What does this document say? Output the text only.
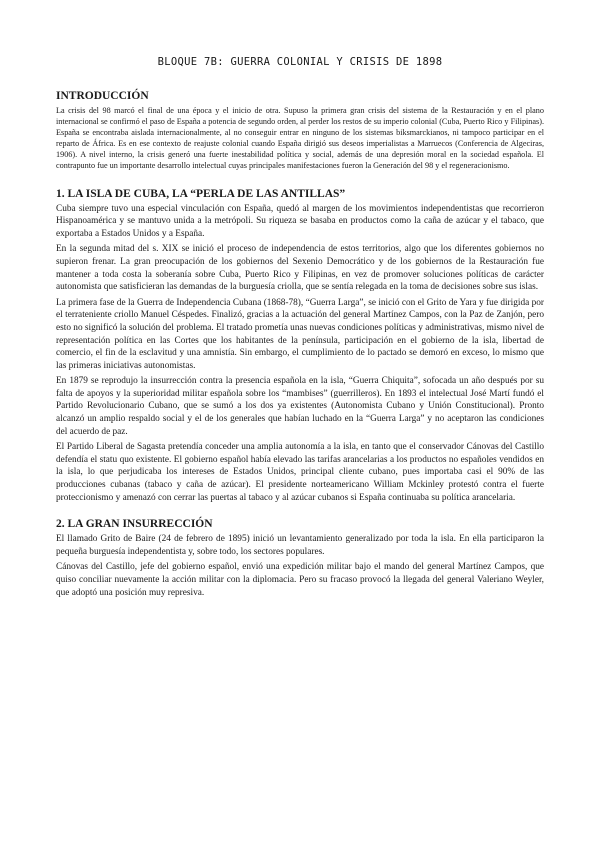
BLOQUE 7B: GUERRA COLONIAL Y CRISIS DE 1898
INTRODUCCIÓN

La crisis del 98 marcó el final de una época y el inicio de otra. Supuso la primera gran crisis del sistema de la Restauración y en el plano internacional se confirmó el paso de España a potencia de segundo orden, al perder los restos de su imperio colonial (Cuba, Puerto Rico y Filipinas). España se encontraba aislada internacionalmente, al no conseguir entrar en ninguno de los sistemas biksmarckianos, ni tampoco participar en el reparto de África. Es en ese contexto de reajuste colonial cuando España dirigió sus deseos imperialistas a Marruecos (Conferencia de Algeciras, 1906). A nivel interno, la crisis generó una fuerte inestabilidad política y social, además de una depresión moral en la sociedad española. El contrapunto fue un importante desarrollo intelectual cuyas principales manifestaciones fueron la Generación del 98 y el regeneracionismo.

1. LA ISLA DE CUBA, LA “PERLA DE LAS ANTILLAS”

Cuba siempre tuvo una especial vinculación con España, quedó al margen de los movimientos independentistas que recorrieron Hispanoamérica y se mantuvo unida a la metrópoli. Su riqueza se basaba en productos como la caña de azúcar y el tabaco, que exportaba a Estados Unidos y a España.

En la segunda mitad del s. XIX se inició el proceso de independencia de estos territorios, algo que los diferentes gobiernos no supieron frenar. La gran preocupación de los gobiernos del Sexenio Democrático y de los gobiernos de la Restauración fue mantener a toda costa la soberanía sobre Cuba, Puerto Rico y Filipinas, en vez de promover soluciones políticas de carácter autonomista que satisficieran las demandas de la burguesía criolla, que se sentía relegada en la toma de decisiones sobre sus islas.

La primera fase de la Guerra de Independencia Cubana (1868-78), “Guerra Larga”, se inició con el Grito de Yara y fue dirigida por el terrateniente criollo Manuel Céspedes. Finalizó, gracias a la actuación del general Martínez Campos, con la Paz de Zanjón, pero esto no significó la solución del problema. El tratado prometía unas nuevas condiciones políticas y administrativas, mismo nivel de representación política en las Cortes que los habitantes de la península, participación en el gobierno de la isla, libertad de comercio, el fin de la esclavitud y una amnistía. Sin embargo, el cumplimiento de lo pactado se demoró en exceso, lo mismo que las primeras iniciativas autonomistas.

En 1879 se reprodujo la insurrección contra la presencia española en la isla, “Guerra Chiquita”, sofocada un año después por su falta de apoyos y la superioridad militar española sobre los “mambises” (guerrilleros). En 1893 el intelectual José Martí fundó el Partido Revolucionario Cubano, que se sumó a los dos ya existentes (Autonomista Cubano y Unión Constitucional). Pronto alcanzó un amplio respaldo social y el de los generales que habían luchado en la “Guerra Larga” y no aceptaron las condiciones del acuerdo de paz.

El Partido Liberal de Sagasta pretendía conceder una amplia autonomía a la isla, en tanto que el conservador Cánovas del Castillo defendía el statu quo existente. El gobierno español había elevado las tarifas arancelarias a los productos no españoles vendidos en la isla, lo que perjudicaba los intereses de Estados Unidos, principal cliente cubano, pues importaba casi el 90% de las producciones cubanas (tabaco y caña de azúcar). El presidente norteamericano William Mckinley protestó contra el fuerte proteccionismo y amenazó con cerrar las puertas al tabaco y al azúcar cubanos si España continuaba su política arancelaria.

2. LA GRAN INSURRECCIÓN

El llamado Grito de Baire (24 de febrero de 1895) inició un levantamiento generalizado por toda la isla. En ella participaron la pequeña burguesía independentista y, sobre todo, los sectores populares.

Cánovas del Castillo, jefe del gobierno español, envió una expedición militar bajo el mando del general Martínez Campos, que quiso conciliar nuevamente la acción militar con la diplomacia. Pero su fracaso provocó la llegada del general Valeriano Weyler, que adoptó una posición muy represiva.
